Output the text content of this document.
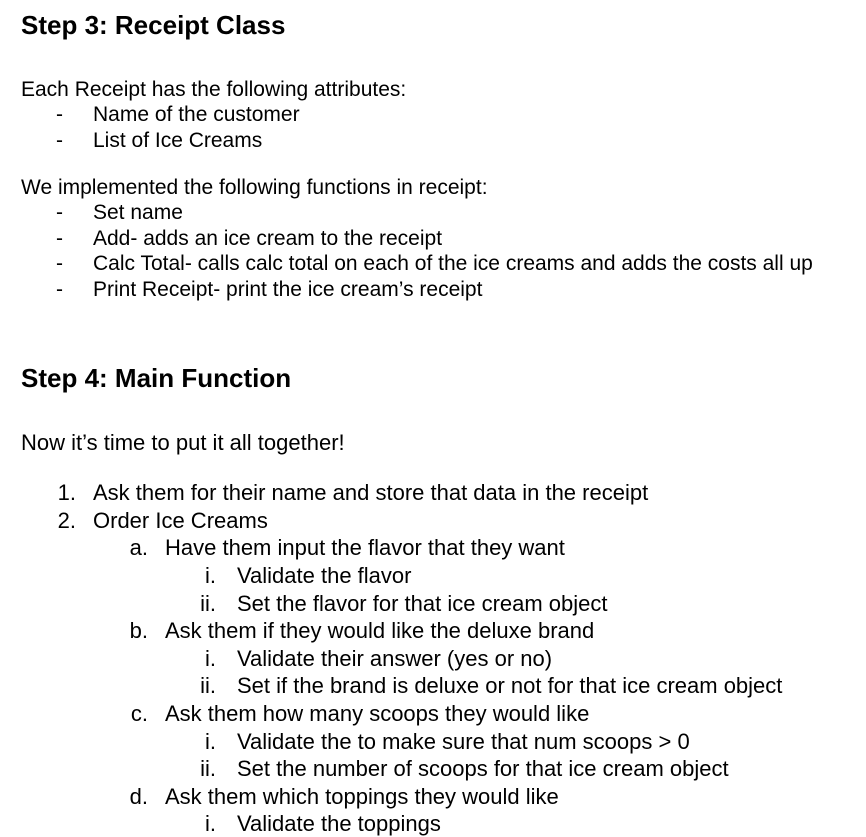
Step 3: Receipt Class
Each Receipt has the following attributes:
- Name of the customer
- List of Ice Creams
We implemented the following functions in receipt:
- Set name
- Add- adds an ice cream to the receipt
- Calc Total- calls calc total on each of the ice creams and adds the costs all up
- Print Receipt- print the ice cream’s receipt
Step 4: Main Function
Now it’s time to put it all together!
1. Ask them for their name and store that data in the receipt
2. Order Ice Creams
a. Have them input the flavor that they want
i. Validate the flavor
ii. Set the flavor for that ice cream object
b. Ask them if they would like the deluxe brand
i. Validate their answer (yes or no)
ii. Set if the brand is deluxe or not for that ice cream object
c. Ask them how many scoops they would like
i. Validate the to make sure that num scoops > 0
ii. Set the number of scoops for that ice cream object
d. Ask them which toppings they would like
i. Validate the toppings
